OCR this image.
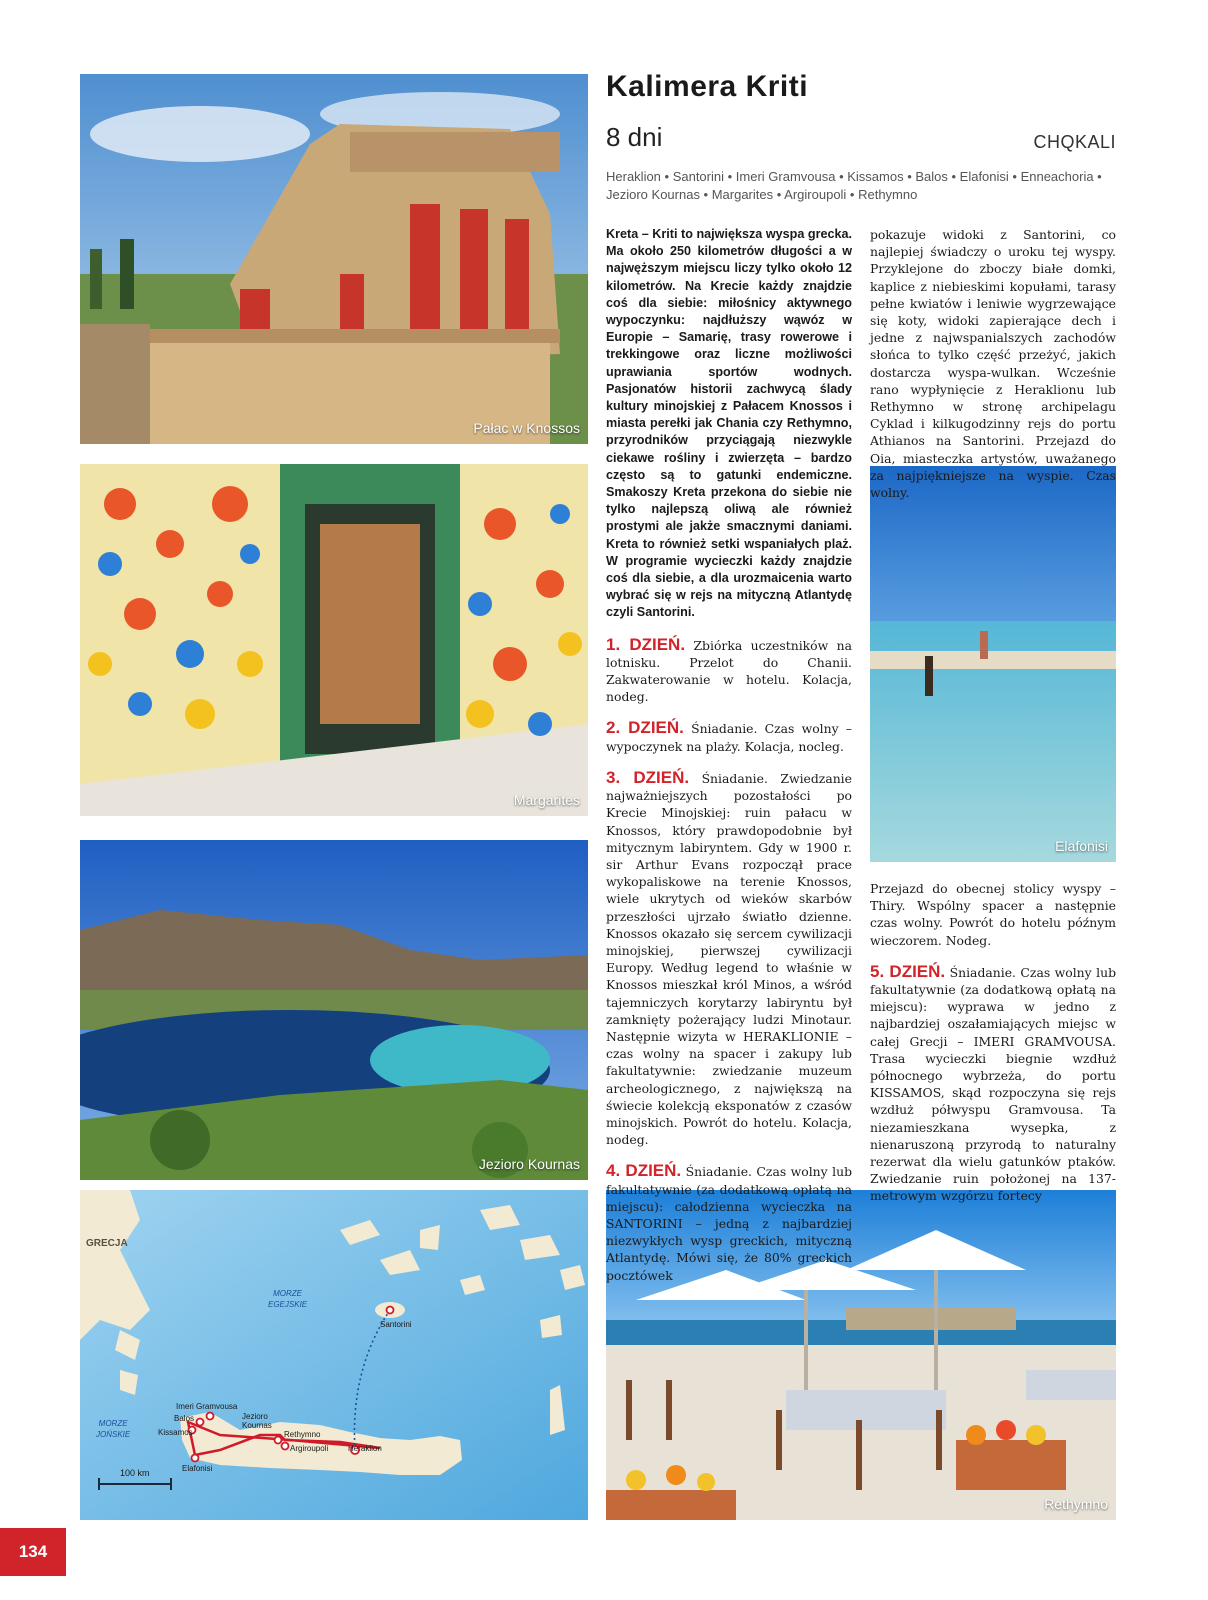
Kalimera Kriti
8 dni	CHQKALI
Heraklion • Santorini • Imeri Gramvousa • Kissamos • Balos • Elafonisi • Enneachoria • Jezioro Kournas • Margarites • Argiroupoli • Rethymno
Pałac w Knossos
Margarites
Jezioro Kournas
Elafonisi
Rethymno
GRECJA
MORZE
EGEJSKIE
MORZE
JOŃSKIE
Santorini
Imeri Gramvousa
Balos
Kissamos
Jezioro
Kournas
Rethymno
Argiroupoli Heraklion
Elafonisi
100 km

Kreta – Kriti to największa wyspa grecka. Ma około 250 kilometrów długości a w najwęższym miejscu liczy tylko około 12 kilometrów. Na Krecie każdy znajdzie coś dla siebie: miłośnicy aktywnego wypoczynku: najdłuższy wąwóz w Europie – Samarię, trasy rowerowe i trekkingowe oraz liczne możliwości uprawiania sportów wodnych. Pasjonatów historii zachwycą ślady kultury minojskiej z Pałacem Knossos i miasta perełki jak Chania czy Rethymno, przyrodników przyciągają niezwykle ciekawe rośliny i zwierzęta – bardzo często są to gatunki endemiczne. Smakoszy Kreta przekona do siebie nie tylko najlepszą oliwą ale również prostymi ale jakże smacznymi daniami. Kreta to również setki wspaniałych plaż. W programie wycieczki każdy znajdzie coś dla siebie, a dla urozmaicenia warto wybrać się w rejs na mityczną Atlantydę czyli Santorini.

1. DZIEŃ. Zbiórka uczestników na lotnisku. Przelot do Chanii. Zakwaterowanie w hotelu. Kolacja, nodeg.

2. DZIEŃ. Śniadanie. Czas wolny – wypoczynek na plaży. Kolacja, nocleg.

3. DZIEŃ. Śniadanie. Zwiedzanie najważniejszych pozostałości po Krecie Minojskiej: ruin pałacu w Knossos, który prawdopodobnie był mitycznym labiryntem. Gdy w 1900 r. sir Arthur Evans rozpoczął prace wykopaliskowe na terenie Knossos, wiele ukrytych od wieków skarbów przeszłości ujrzało światło dzienne. Knossos okazało się sercem cywilizacji minojskiej, pierwszej cywilizacji Europy. Według legend to właśnie w Knossos mieszkał król Minos, a wśród tajemniczych korytarzy labiryntu był zamknięty pożerający ludzi Minotaur. Następnie wizyta w HERAKLIONIE – czas wolny na spacer i zakupy lub fakultatywnie: zwiedzanie muzeum archeologicznego, z największą na świecie kolekcją eksponatów z czasów minojskich. Powrót do hotelu. Kolacja, nodeg.

4. DZIEŃ. Śniadanie. Czas wolny lub fakultatywnie (za dodatkową opłatą na miejscu): całodzienna wycieczka na SANTORINI – jedną z najbardziej niezwykłych wysp greckich, mityczną Atlantydę. Mówi się, że 80% greckich pocztówek

pokazuje widoki z Santorini, co najlepiej świadczy o uroku tej wyspy. Przyklejone do zboczy białe domki, kaplice z niebieskimi kopułami, tarasy pełne kwiatów i leniwie wygrzewające się koty, widoki zapierające dech i jedne z najwspanialszych zachodów słońca to tylko część przeżyć, jakich dostarcza wyspa-wulkan. Wcześnie rano wypłynięcie z Heraklionu lub Rethymno w stronę archipelagu Cyklad i kilkugodzinny rejs do portu Athianos na Santorini. Przejazd do Oia, miasteczka artystów, uważanego za najpiękniejsze na wyspie. Czas wolny.

Przejazd do obecnej stolicy wyspy – Thiry. Wspólny spacer a następnie czas wolny. Powrót do hotelu późnym wieczorem. Nodeg.

5. DZIEŃ. Śniadanie. Czas wolny lub fakultatywnie (za dodatkową opłatą na miejscu): wyprawa w jedno z najbardziej oszałamiających miejsc w całej Grecji – IMERI GRAMVOUSA. Trasa wycieczki biegnie wzdłuż północnego wybrzeża, do portu KISSAMOS, skąd rozpoczyna się rejs wzdłuż półwyspu Gramvousa. Ta niezamieszkana wysepka, z nienaruszoną przyrodą to naturalny rezerwat dla wielu gatunków ptaków. Zwiedzanie ruin położonej na 137-metrowym wzgórzu fortecy

134
